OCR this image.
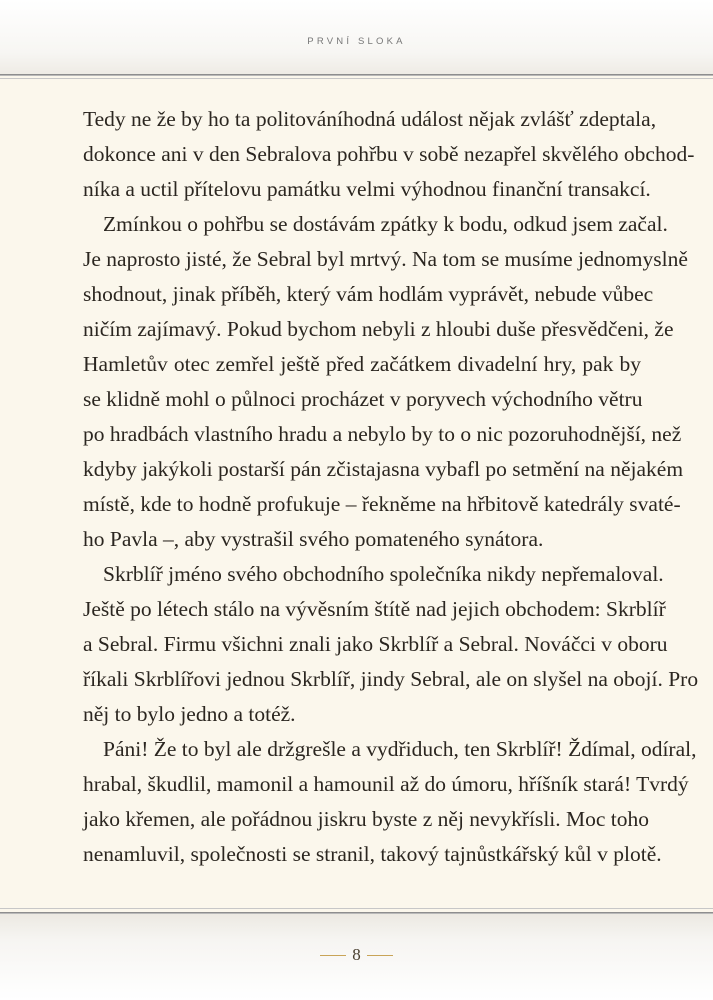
PRVNÍ SLOKA
Tedy ne že by ho ta politováníhodná událost nějak zvlášť zdeptala,
dokonce ani v den Sebralova pohřbu v sobě nezapřel skvělého obchod-
níka a uctil přítelovu památku velmi výhodnou finanční transakcí.
Zmínkou o pohřbu se dostávám zpátky k bodu, odkud jsem začal.
Je naprosto jisté, že Sebral byl mrtvý. Na tom se musíme jednomyslně
shodnout, jinak příběh, který vám hodlám vyprávět, nebude vůbec
ničím zajímavý. Pokud bychom nebyli z hloubi duše přesvědčeni, že
Hamletův otec zemřel ještě před začátkem divadelní hry, pak by
se klidně mohl o půlnoci procházet v poryvech východního větru
po hradbách vlastního hradu a nebylo by to o nic pozoruhodnější, než
kdyby jakýkoli postarší pán zčistajasna vybafl po setmění na nějakém
místě, kde to hodně profukuje – řekněme na hřbitově katedrály svaté-
ho Pavla –, aby vystrašil svého pomateného synátora.
Skrblíř jméno svého obchodního společníka nikdy nepřemaloval.
Ještě po létech stálo na vývěsním štítě nad jejich obchodem: Skrblíř
a Sebral. Firmu všichni znali jako Skrblíř a Sebral. Nováčci v oboru
říkali Skrblířovi jednou Skrblíř, jindy Sebral, ale on slyšel na obojí. Pro
něj to bylo jedno a totéž.
Páni! Že to byl ale držgrešle a vydřiduch, ten Skrblíř! Ždímal, odíral,
hrabal, škudlil, mamonil a hamounil až do úmoru, hříšník stará! Tvrdý
jako křemen, ale pořádnou jiskru byste z něj nevykřísli. Moc toho
nenamluvil, společnosti se stranil, takový tajnůstkářský kůl v plotě.
8
